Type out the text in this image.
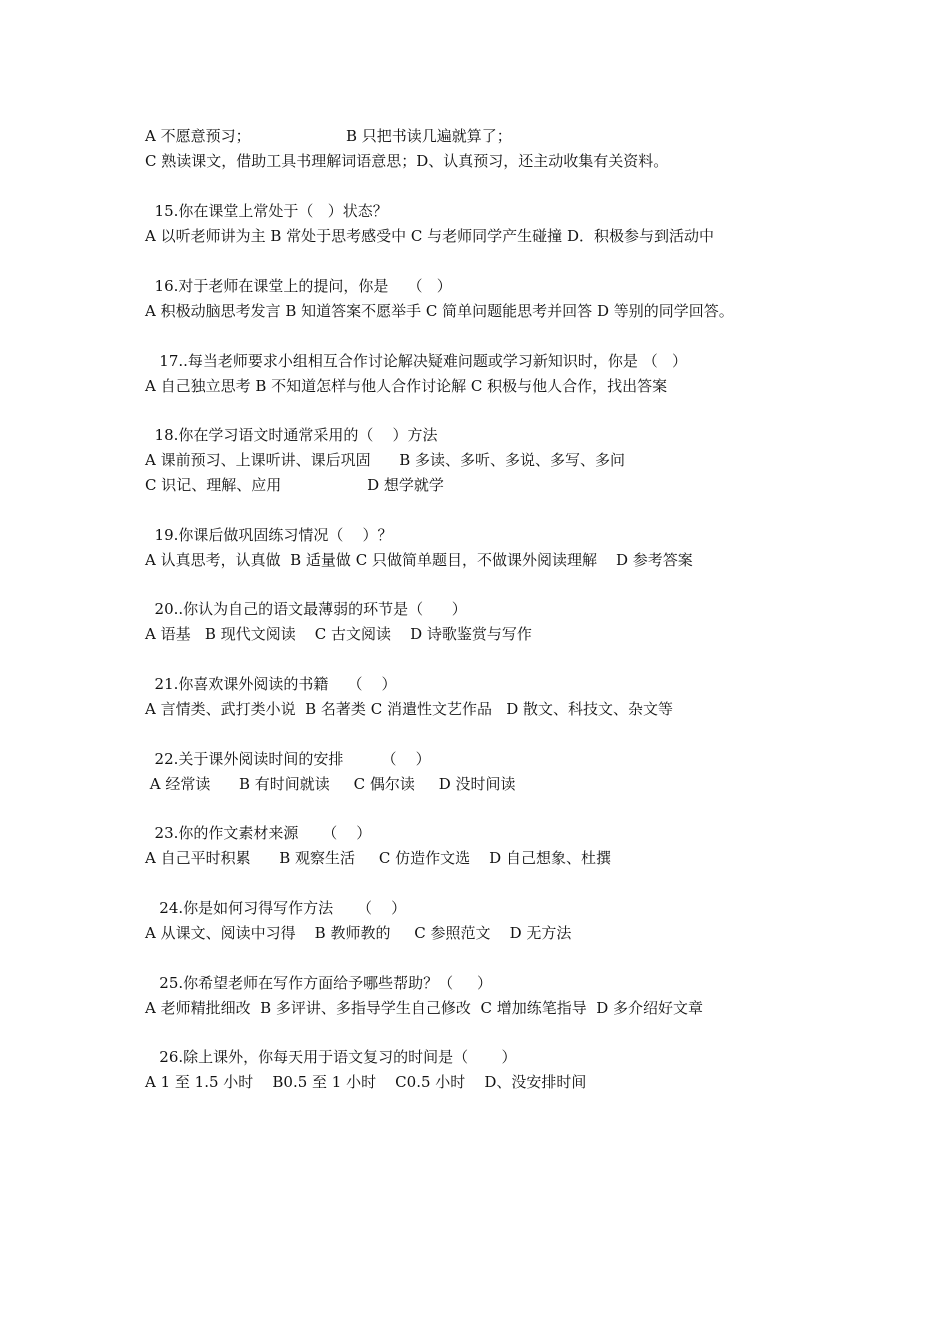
A 不愿意预习；                    B 只把书读几遍就算了；

C 熟读课文，借助工具书理解词语意思；D、认真预习，还主动收集有关资料。

15.你在课堂上常处于（   ）状态？

A 以听老师讲为主 B 常处于思考感受中 C 与老师同学产生碰撞 D．积极参与到活动中

16.对于老师在课堂上的提问，你是    （   ）

A 积极动脑思考发言 B 知道答案不愿举手 C 简单问题能思考并回答 D 等别的同学回答。

17..每当老师要求小组相互合作讨论解决疑难问题或学习新知识时，你是 （   ）

A 自己独立思考 B 不知道怎样与他人合作讨论解 C 积极与他人合作，找出答案

18.你在学习语文时通常采用的（    ）方法

A 课前预习、上课听讲、课后巩固      B 多读、多听、多说、多写、多问

C 识记、理解、应用                  D 想学就学

19.你课后做巩固练习情况（    ）？

A 认真思考，认真做  B 适量做 C 只做简单题目，不做课外阅读理解    D 参考答案

20..你认为自己的语文最薄弱的环节是（      ）

A 语基   B 现代文阅读    C 古文阅读    D 诗歌鉴赏与写作

21.你喜欢课外阅读的书籍    （    ）

A 言情类、武打类小说  B 名著类 C 消遣性文艺作品   D 散文、科技文、杂文等

22.关于课外阅读时间的安排        （    ）

A 经常读      B 有时间就读     C 偶尔读     D 没时间读

23.你的作文素材来源     （    ）

A 自己平时积累      B 观察生活     C 仿造作文选    D 自己想象、杜撰

24.你是如何习得写作方法     （    ）

A 从课文、阅读中习得    B 教师教的     C 参照范文    D 无方法

25.你希望老师在写作方面给予哪些帮助？（     ）

A 老师精批细改  B 多评讲、多指导学生自己修改  C 增加练笔指导  D 多介绍好文章

26.除上课外，你每天用于语文复习的时间是（       ）

A 1 至 1.5 小时    B0.5 至 1 小时    C0.5 小时    D、没安排时间
